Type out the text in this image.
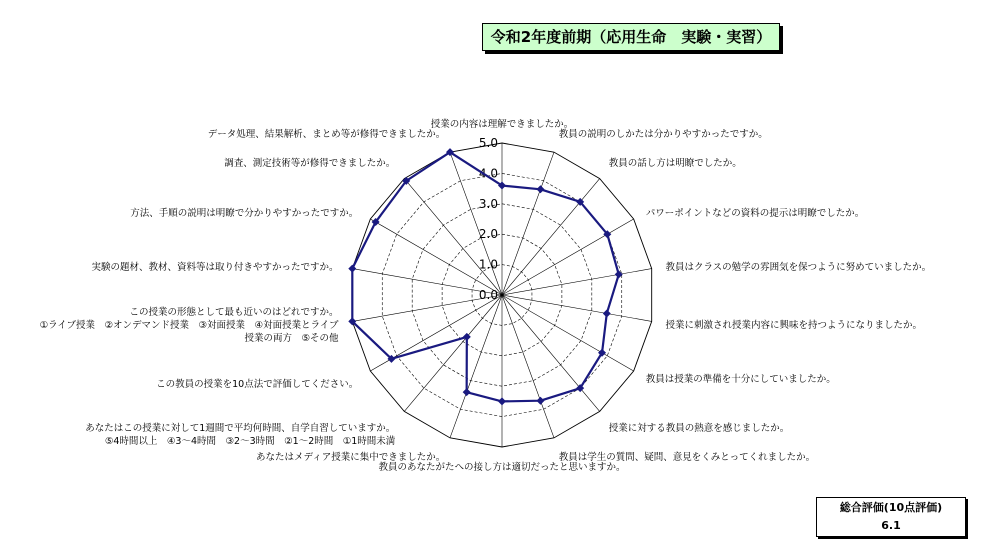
令和2年度前期（応用生命　実験・実習）
0.0
1.0
2.0
3.0
4.0
5.0
授業の内容は理解できましたか。
教員の説明のしかたは分かりやすかったですか。
教員の話し方は明瞭でしたか。
パワーポイントなどの資料の提示は明瞭でしたか。
教員はクラスの勉学の雰囲気を保つように努めていましたか。
授業に刺激され授業内容に興味を持つようになりましたか。
教員は授業の準備を十分にしていましたか。
授業に対する教員の熱意を感じましたか。
教員は学生の質問、疑問、意見をくみとってくれましたか。
教員のあなたがたへの接し方は適切だったと思いますか。
あなたはメディア授業に集中できましたか。
あなたはこの授業に対して1週間で平均何時間、自学自習していますか。
⑤4時間以上　④3～4時間　③2～3時間　②1～2時間　①1時間未満
この教員の授業を10点法で評価してください。
この授業の形態として最も近いのはどれですか。
①ライブ授業　②オンデマンド授業　③対面授業　④対面授業とライブ
授業の両方　⑤その他
実験の題材、教材、資料等は取り付きやすかったですか。
方法、手順の説明は明瞭で分かりやすかったですか。
調査、測定技術等が修得できましたか。
データ処理、結果解析、まとめ等が修得できましたか。
総合評価(10点評価)
6.1
